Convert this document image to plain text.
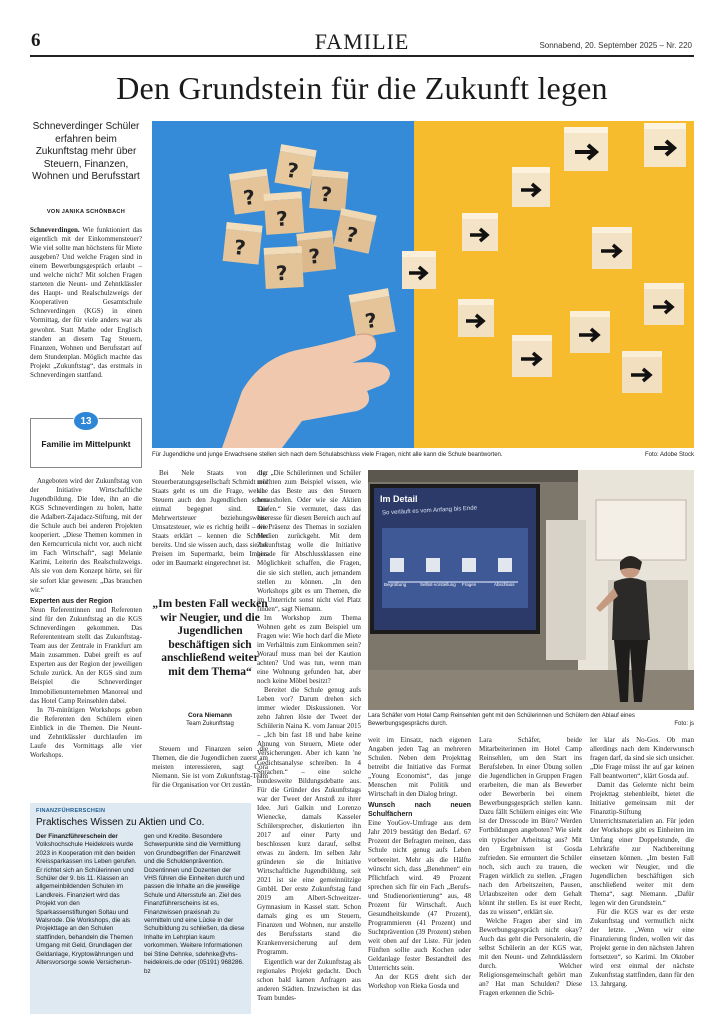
6	FAMILIE	Sonnabend, 20. September 2025 – Nr. 220
Den Grundstein für die Zukunft legen
Schneverdinger Schüler erfahren beim Zukunftstag mehr über Steuern, Finanzen, Wohnen und Berufsstart
VON JANIKA SCHÖNBACH

Schneverdingen. Wie funktioniert das eigentlich mit der Einkommensteuer? Wie viel sollte man höchstens für Miete ausgeben? Und welche Fragen sind in einem Bewerbungsgespräch erlaubt – und welche nicht? Mit solchen Fragen starteten die Neunt- und Zehntklässler des Haupt- und Realschulzweigs der Kooperativen Gesamtschule Schneverdingen (KGS) in einen Vormittag, der für viele anders war als gewohnt. Statt Mathe oder Englisch standen an diesem Tag Steuern, Finanzen, Wohnen und Berufsstart auf dem Stundenplan. Möglich machte das Projekt „Zukunftstag“, das erstmals in Schneverdingen stattfand.

13
Familie im Mittelpunkt

Angeboten wird der Zukunftstag von der Initiative Wirtschaftliche Jugendbildung. Die Idee, ihn an die KGS Schneverdingen zu holen, hatte die Adalbert-Zajadacz-Stiftung, mit der die Schule auch bei anderen Projekten kooperiert. „Diese Themen kommen in den Kerncurricula nicht vor, auch nicht im Fach Wirtschaft“, sagt Melanie Karimi, Leiterin des Realschulzweigs. Als sie von dem Konzept hörte, sei für sie sofort klar gewesen: „Das brauchen wir.“

Experten aus der Region

Neun Referentinnen und Referenten sind für den Zukunftstag an die KGS Schneverdingen gekommen. Das Referententeam stellt das Zukunftstag-Team aus der Zentrale in Frankfurt am Main zusammen. Dabei greift es auf Experten aus der Region der jeweiligen Schule zurück. An der KGS sind zum Beispiel die Schneverdinger Immobilienunternehmen Manoreal und das Hotel Camp Reinsehlen dabei.

In 70-minütigen Workshops geben die Referenten den Schülern einen Einblick in die Themen. Die Neunt- und Zehntklässler durchlaufen im Laufe des Vormittags alle vier Workshops.

?
?
?
?
?
?	?
?
?
Für Jugendliche und junge Erwachsene stellen sich nach dem Schulabschluss viele Fragen, nicht alle kann die Schule beantworten.	Foto: Adobe Stock

Bei Nele Staats von der Steuerberatungsgesellschaft Schmidt und Staats geht es um die Frage, welche Steuern auch den Jugendlichen schon einmal begegnet sind. Die Mehrwertsteuer beziehungsweise Umsatzsteuer, wie es richtig heißt – wie Staats erklärt – kennen die Schüler bereits. Und sie wissen auch, dass sie bei Preisen im Supermarkt, beim Imbiss oder im Baumarkt eingerechnet ist.

„Im besten Fall wecken wir Neugier, und die Jugendlichen beschäftigen sich anschließend weiter mit dem Thema“
Cora Niemann
Team Zukunftstag

Steuern und Finanzen seien die Themen, die die Jugendlichen zuerst am meisten interessieren, sagt Cora Niemann. Sie ist vom Zukunftstag-Team für die Organisation vor Ort zustän-

dig. „Die Schülerinnen und Schüler möchten zum Beispiel wissen, wie sie das Beste aus den Steuern herausholen. Oder wie sie Aktien kaufen.“ Sie vermutet, dass das Interesse für diesen Bereich auch auf die Präsenz des Themas in sozialen Medien zurückgeht. Mit dem Zukunftstag wolle die Initiative gerade für Abschlussklassen eine Möglichkeit schaffen, die Fragen, die sie sich stellen, auch jemandem stellen zu können. „In den Workshops gibt es um Themen, die im Unterricht sonst nicht viel Platz finden“, sagt Niemann.

Im Workshop zum Thema Wohnen geht es zum Beispiel um Fragen wie: Wie hoch darf die Miete im Verhältnis zum Einkommen sein? Worauf muss man bei der Kaution achten? Und was tun, wenn man eine Wohnung gefunden hat, aber noch keine Möbel besitzt?

Bereitet die Schule genug aufs Leben vor? Darum drehen sich immer wieder Diskussionen. Vor zehn Jahren löste der Tweet der Schülerin Naina K. vom Januar 2015 – „Ich bin fast 18 und habe keine Ahnung von Steuern, Miete oder Versicherungen. Aber ich kann 'ne Gedichtsanalyse schreiben. In 4 Sprachen.“ – eine solche bundesweite Bildungsdebatte aus. Für die Gründer des Zukunftstags war der Tweet der Anstoß zu ihrer Idee. Juri Galkin und Lorenzo Wienecke, damals Kasseler Schülersprecher, diskutierten ihn 2017 auf einer Party und beschlossen kurz darauf, selbst etwas zu ändern. Im selben Jahr gründeten sie die Initiative Wirtschaftliche Jugendbildung, seit 2021 ist sie eine gemeinnützige GmbH. Der erste Zukunftstag fand 2019 am Albert-Schweitzer-Gymnasium in Kassel statt. Schon damals ging es um Steuern, Finanzen und Wohnen, nur anstelle des Berufsstarts stand die Krankenversicherung auf dem Programm.

Eigentlich war der Zukunftstag als regionales Projekt gedacht. Doch schon bald kamen Anfragen aus anderen Städten. Inzwischen ist das Team bundes-

Im Detail
So verläuft es vom Anfang bis Ende
Begrüßung	Selbst-vorstellung Fragen	Abschluss
Lara Schäfer vom Hotel Camp Reinsehlen geht mit den Schülerinnen und Schülern den Ablauf eines Bewerbungsgesprächs durch.	Foto: js

weit im Einsatz, nach eigenen Angaben jeden Tag an mehreren Schulen. Neben dem Projekttag betreibt die Initiative das Format „Young Economist“, das junge Menschen mit Politik und Wirtschaft in den Dialog bringt.

Wunsch nach neuen Schulfächern

Eine YouGov-Umfrage aus dem Jahr 2019 bestätigt den Bedarf. 67 Prozent der Befragten meinen, dass Schule nicht genug aufs Leben vorbereitet. Mehr als die Hälfte wünscht sich, dass „Benehmen“ ein Pflichtfach wird. 49 Prozent sprechen sich für ein Fach „Berufs- und Studienorientierung“ aus, 48 Prozent für Wirtschaft. Auch Gesundheitskunde (47 Prozent), Programmieren (41 Prozent) und Suchtprävention (39 Prozent) stehen weit oben auf der Liste. Für jeden Fünften sollte auch Kochen oder Geldanlage fester Bestandteil des Unterrichts sein.

An der KGS dreht sich der Workshop von Rieka Gosda und

Lara Schäfer, beide Mitarbeiterinnen im Hotel Camp Reinsehlen, um den Start ins Berufsleben. In einer Übung sollen die Jugendlichen in Gruppen Fragen erarbeiten, die man als Bewerber oder Bewerberin bei einem Bewerbungsgespräch stellen kann. Dazu fällt Schülern einiges ein: Wie ist der Dresscode im Büro? Werden Fortbildungen angeboten? Wie sieht ein typischer Arbeitstag aus? Mit den Ergebnissen ist Gosda zufrieden. Sie ermuntert die Schüler noch, sich auch zu trauen, die Fragen wirklich zu stellen. „Fragen nach den Arbeitszeiten, Pausen, Urlaubszeiten oder dem Gehalt könnt ihr stellen. Es ist euer Recht, das zu wissen“, erklärt sie.

Welche Fragen aber sind im Bewerbungsgespräch nicht okay? Auch das geht die Personalerin, die selbst Schülerin an der KGS war, mit den Neunt- und Zehntklässlern durch. Welcher Religionsgemeinschaft gehört man an? Hat man Schulden? Diese Fragen erkennen die Schü-

ler klar als No-Gos. Ob man allerdings nach dem Kinderwunsch fragen darf, da sind sie sich unsicher. „Die Frage müsst ihr auf gar keinen Fall beantworten“, klärt Gosda auf.

Damit das Gelernte nicht beim Projekttag stehenbleibt, bietet die Initiative gemeinsam mit der Finanztip-Stiftung Unterrichtsmaterialien an. Für jeden der Workshops gibt es Einheiten im Umfang einer Doppelstunde, die Lehrkräfte zur Nachbereitung einsetzen können. „Im besten Fall wecken wir Neugier, und die Jugendlichen beschäftigen sich anschließend weiter mit dem Thema“, sagt Niemann. „Dafür legen wir den Grundstein.“

Für die KGS war es der erste Zukunftstag und vermutlich nicht der letzte. „Wenn wir eine Finanzierung finden, wollen wir das Projekt gerne in den nächsten Jahren fortsetzen“, so Karimi. Im Oktober wird erst einmal der nächste Zukunftstag stattfinden, dann für den 13. Jahrgang.

FINANZFÜHRERSCHEIN
Praktisches Wissen zu Aktien und Co.
Der Finanzführerschein der Volkshochschule Heidekreis wurde 2023 in Kooperation mit den beiden Kreissparkassen ins Leben gerufen. Er richtet sich an Schülerinnen und Schüler der 9. bis 11. Klassen an allgemeinbildenden Schulen im Landkreis. Finanziert wird das Projekt von den Sparkassenstiftungen Soltau und Walsrode. Die Workshops, die als Projekttage an den Schulen stattfinden, behandeln die Themen Umgang mit Geld, Grundlagen der Geldanlage, Kryptowährungen und Altersvorsorge sowie Versicherun-
gen und Kredite. Besondere Schwerpunkte sind die Vermittlung von Grundbegriffen der Finanzwelt und die Schuldenprävention. Dozentinnen und Dozenten der VHS führen die Einheiten durch und passen die Inhalte an die jeweilige Schule und Altersstufe an. Ziel des Finanzführerscheins ist es, Finanzwissen praxisnah zu vermitteln und eine Lücke in der Schulbildung zu schließen, da diese Inhalte im Lehrplan kaum vorkommen. Weitere Informationen bei Stine Dehnke, sdehnke@vhs-heidekreis.de oder (05191) 968286. bz
